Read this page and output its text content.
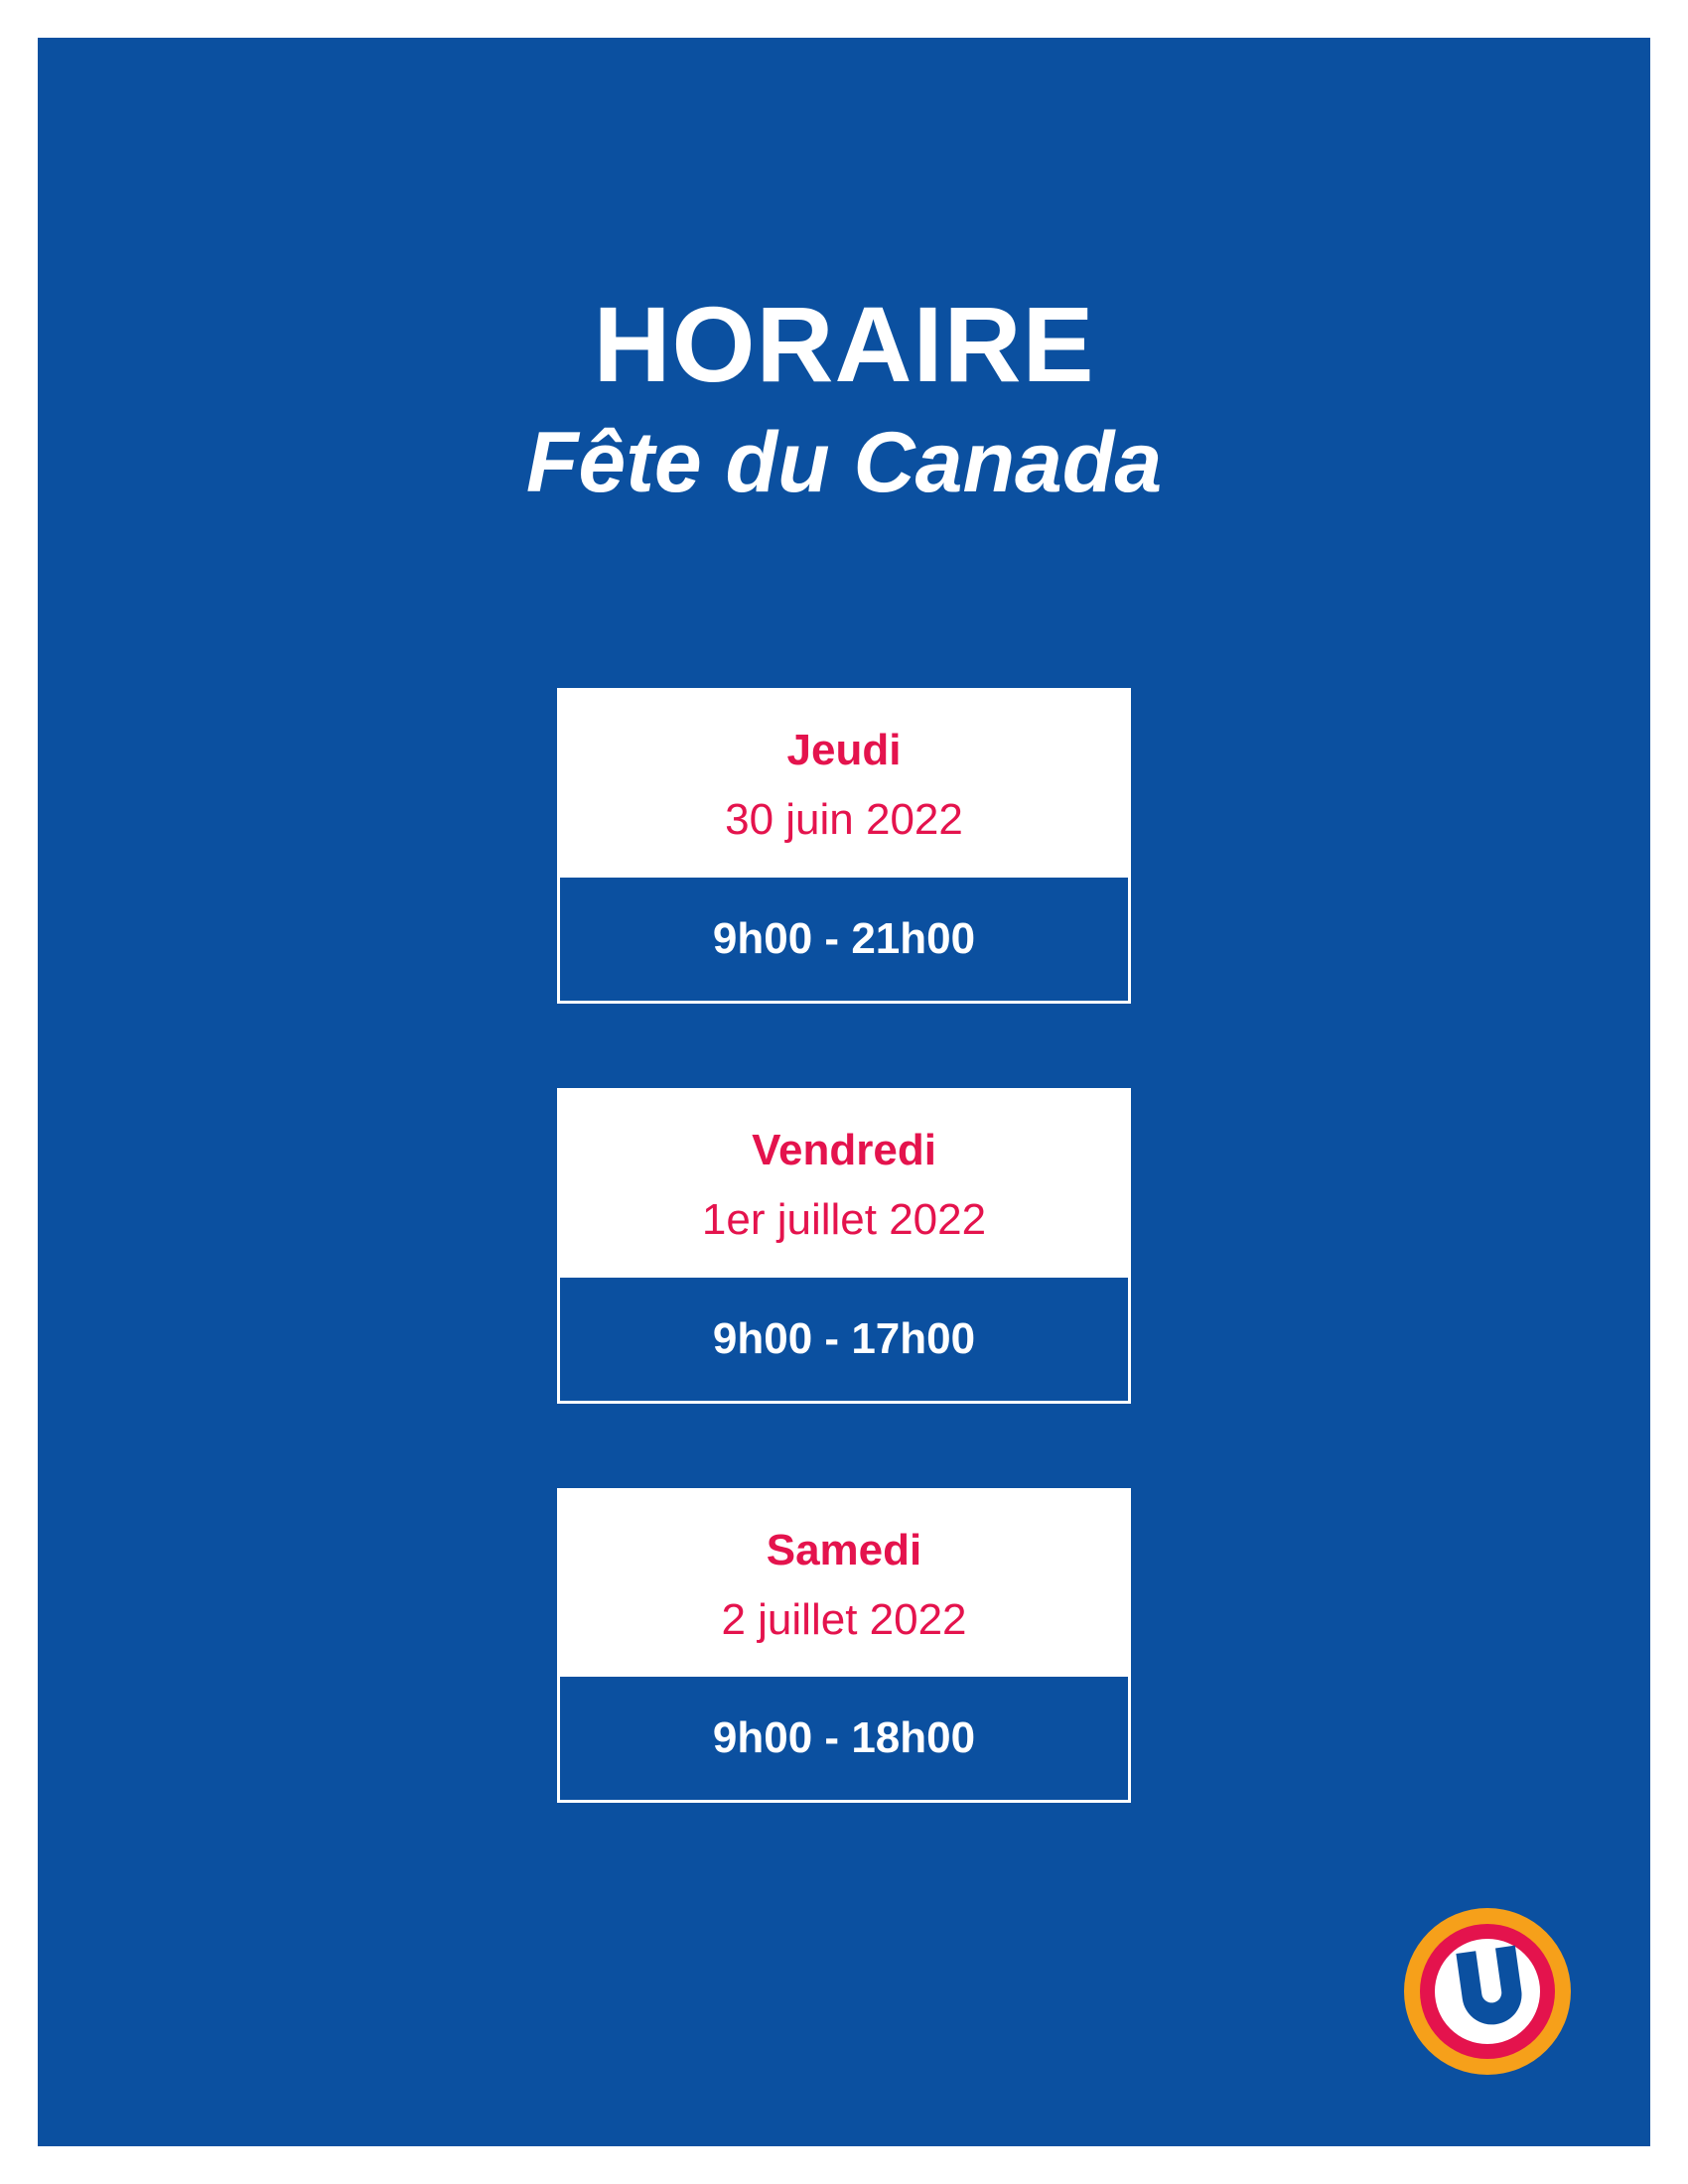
HORAIRE
Fête du Canada
Jeudi
30 juin 2022
9h00 - 21h00
Vendredi
1er juillet 2022
9h00 - 17h00
Samedi
2 juillet 2022
9h00 - 18h00
